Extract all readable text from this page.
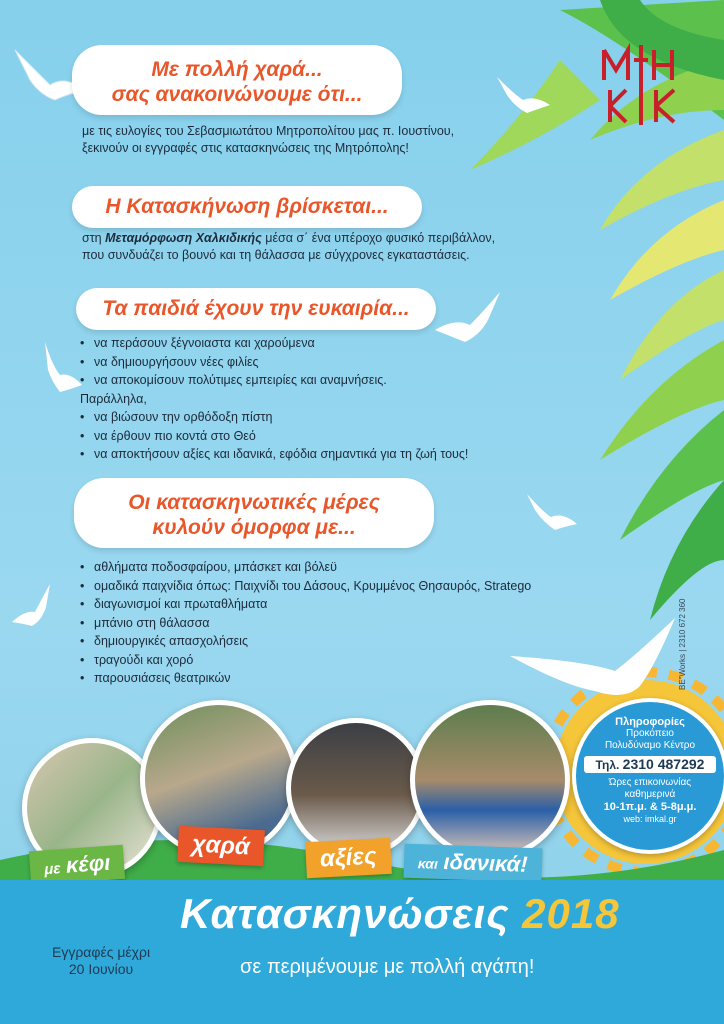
Με πολλή χαρά...
σας ανακοινώνουμε ότι...
με τις ευλογίες του Σεβασμιωτάτου Μητροπολίτου μας π. Ιουστίνου,
ξεκινούν οι εγγραφές στις κατασκηνώσεις της Μητρόπολης!
Η Κατασκήνωση βρίσκεται...
στη Μεταμόρφωση Χαλκιδικής μέσα σ΄ ένα υπέροχο φυσικό περιβάλλον,
που συνδυάζει το βουνό και τη θάλασσα με σύγχρονες εγκαταστάσεις.
Τα παιδιά έχουν την ευκαιρία...
• να περάσουν ξέγνοιαστα και χαρούμενα
• να δημιουργήσουν νέες φιλίες
• να αποκομίσουν πολύτιμες εμπειρίες και αναμνήσεις.
Παράλληλα,
• να βιώσουν την ορθόδοξη πίστη
• να έρθουν πιο κοντά στο Θεό
• να αποκτήσουν αξίες και ιδανικά, εφόδια σημαντικά για τη ζωή τους!
Οι κατασκηνωτικές μέρες
κυλούν όμορφα με...
• αθλήματα ποδοσφαίρου, μπάσκετ και βόλεϋ
• ομαδικά παιχνίδια όπως: Παιχνίδι του Δάσους, Κρυμμένος Θησαυρός, Stratego
• διαγωνισμοί και πρωταθλήματα
• μπάνιο στη θάλασσα
• δημιουργικές απασχολήσεις
• τραγούδι και χορό
• παρουσιάσεις θεατρικών	BE"Works | 2310 672 360
Πληροφορίες
Προκόπειο
Πολυδύναμο Κέντρο
Τηλ. 2310 487292
Ώρες επικοινωνίας
καθημερινά
10-1π.μ. & 5-8μ.μ.
web: imkal.gr
με κέφι
χαρά	αξίες	και ιδανικά!
Κατασκηνώσεις 2018
σε περιμένουμε με πολλή αγάπη!
Εγγραφές μέχρι
20 Ιουνίου
